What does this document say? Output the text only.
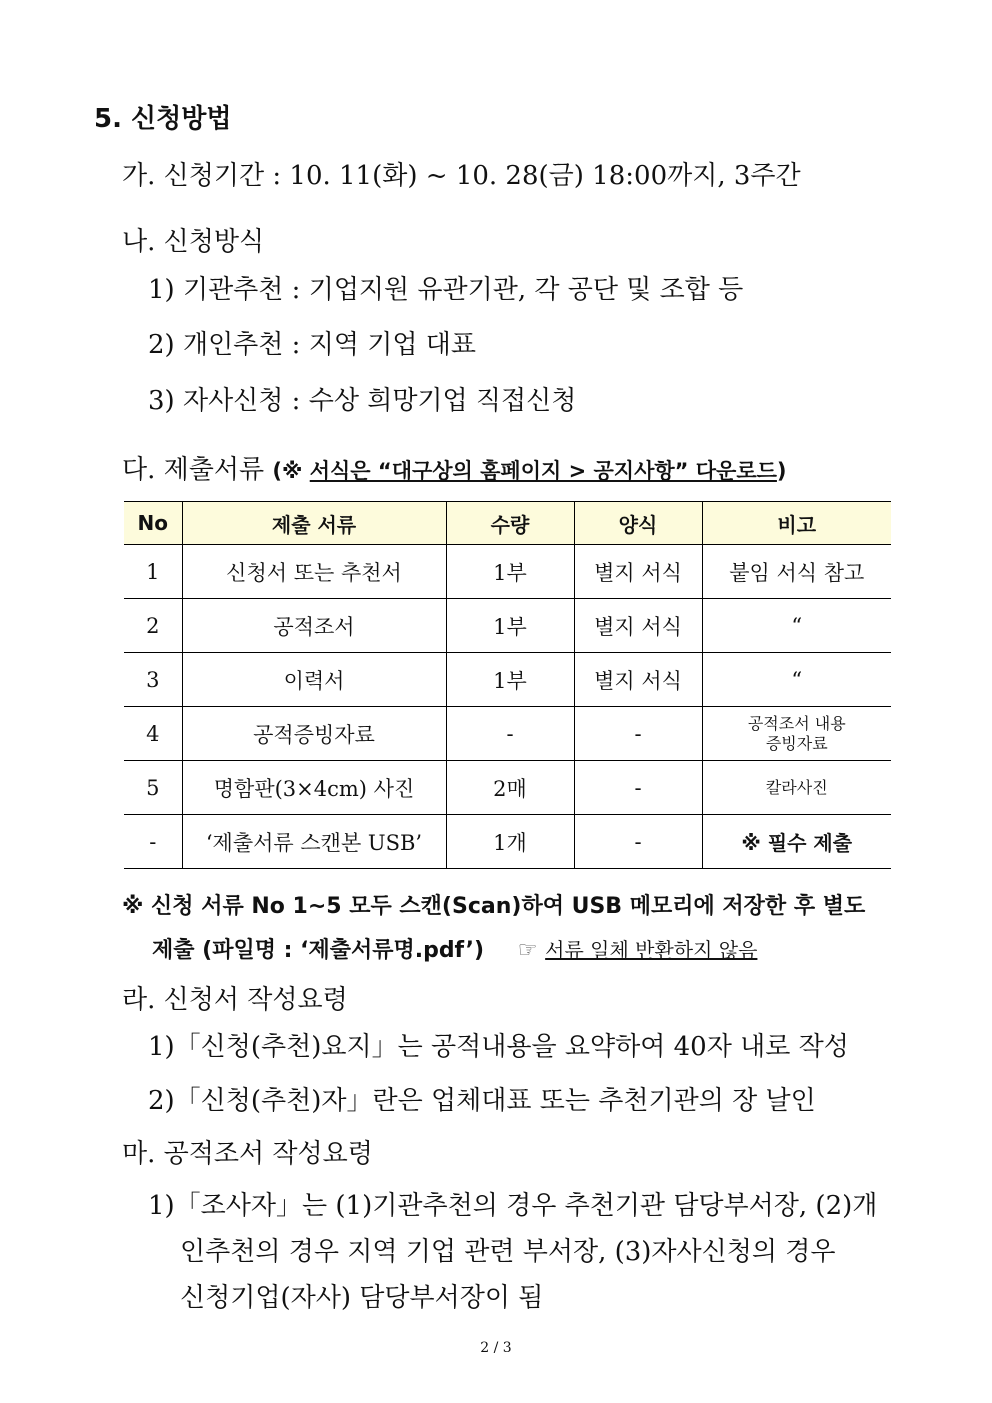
5. 신청방법
가. 신청기간 : 10. 11(화) ~ 10. 28(금) 18:00까지, 3주간
나. 신청방식
1) 기관추천 : 기업지원 유관기관, 각 공단 및 조합 등
2) 개인추천 : 지역 기업 대표
3) 자사신청 : 수상 희망기업 직접신청
다. 제출서류 (※ 서식은 “대구상의 홈페이지 > 공지사항” 다운로드)
No	제출 서류	수량	양식	비고
1	신청서 또는 추천서	1부	별지 서식	붙임 서식 참고
2	공적조서	1부	별지 서식	“
3	이력서	1부	별지 서식	“
4	공적증빙자료	-	-	공적조서 내용
증빙자료
5	명함판(3×4cm) 사진	2매	-	칼라사진
-	‘제출서류 스캔본 USB’	1개	-	※ 필수 제출
※ 신청 서류 No 1~5 모두 스캔(Scan)하여 USB 메모리에 저장한 후 별도
제출 (파일명 : ‘제출서류명.pdf’) ☞ 서류 일체 반환하지 않음
라. 신청서 작성요령
1)「신청(추천)요지」는 공적내용을 요약하여 40자 내로 작성
2)「신청(추천)자」란은 업체대표 또는 추천기관의 장 날인
마. 공적조서 작성요령
1)「조사자」는 (1)기관추천의 경우 추천기관 담당부서장, (2)개
인추천의 경우 지역 기업 관련 부서장, (3)자사신청의 경우
신청기업(자사) 담당부서장이 됨
2 / 3
